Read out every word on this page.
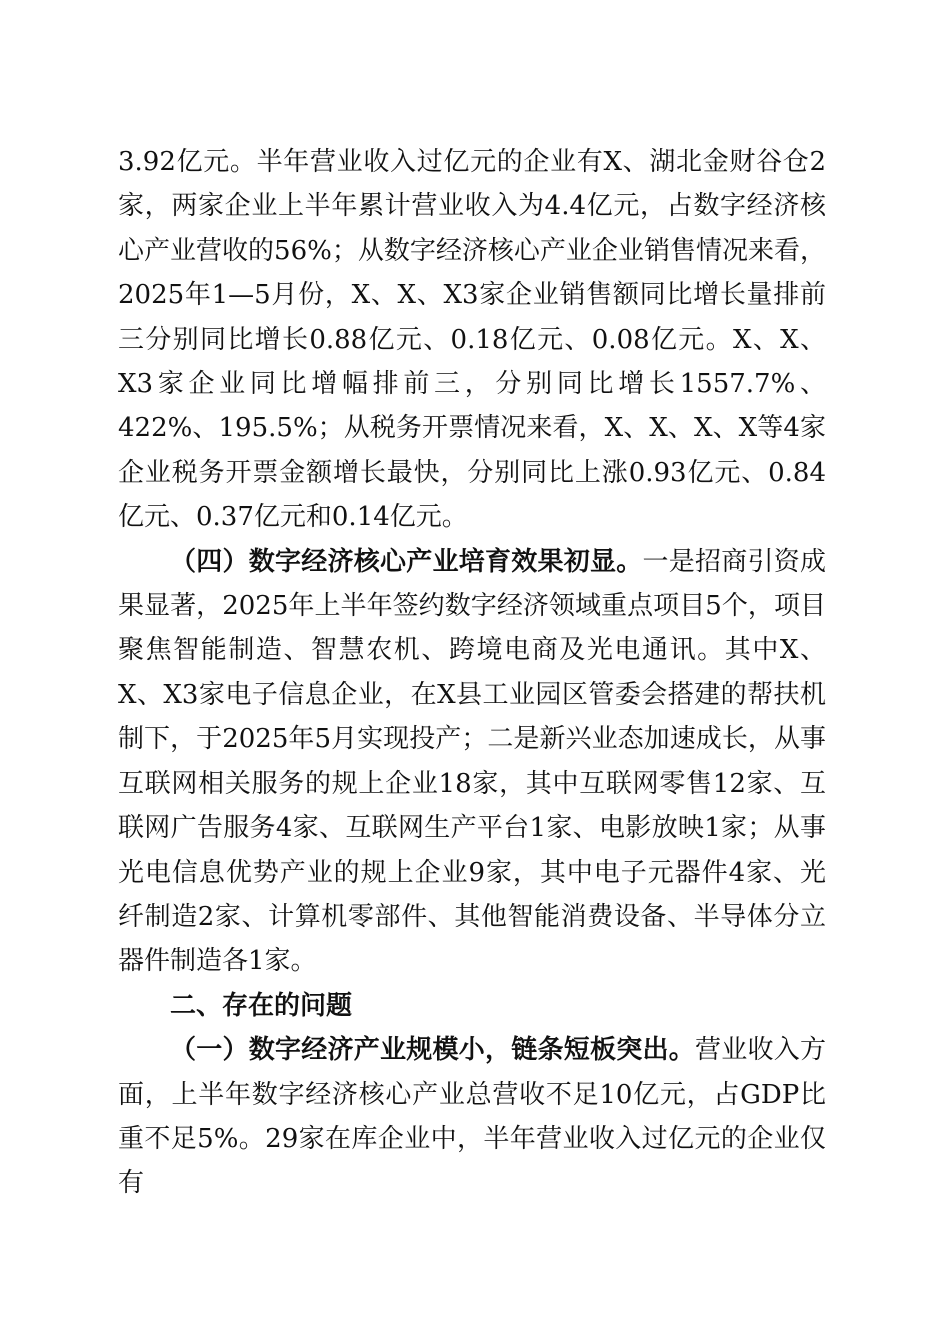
3.92亿元。半年营业收入过亿元的企业有X、湖北金财谷仓2家，两家企业上半年累计营业收入为4.4亿元，占数字经济核心产业营收的56%；从数字经济核心产业企业销售情况来看，2025年1—5月份，X、X、X3家企业销售额同比增长量排前三分别同比增长0.88亿元、0.18亿元、0.08亿元。X、X、X3家企业同比增幅排前三，分别同比增长1557.7%、422%、195.5%；从税务开票情况来看，X、X、X、X等4家企业税务开票金额增长最快，分别同比上涨0.93亿元、0.84亿元、0.37亿元和0.14亿元。

（四）数字经济核心产业培育效果初显。一是招商引资成果显著，2025年上半年签约数字经济领域重点项目5个，项目聚焦智能制造、智慧农机、跨境电商及光电通讯。其中X、X、X3家电子信息企业，在X县工业园区管委会搭建的帮扶机制下，于2025年5月实现投产；二是新兴业态加速成长，从事互联网相关服务的规上企业18家，其中互联网零售12家、互联网广告服务4家、互联网生产平台1家、电影放映1家；从事光电信息优势产业的规上企业9家，其中电子元器件4家、光纤制造2家、计算机零部件、其他智能消费设备、半导体分立器件制造各1家。

二、存在的问题

（一）数字经济产业规模小，链条短板突出。营业收入方面，上半年数字经济核心产业总营收不足10亿元，占GDP比重不足5%。29家在库企业中，半年营业收入过亿元的企业仅有
